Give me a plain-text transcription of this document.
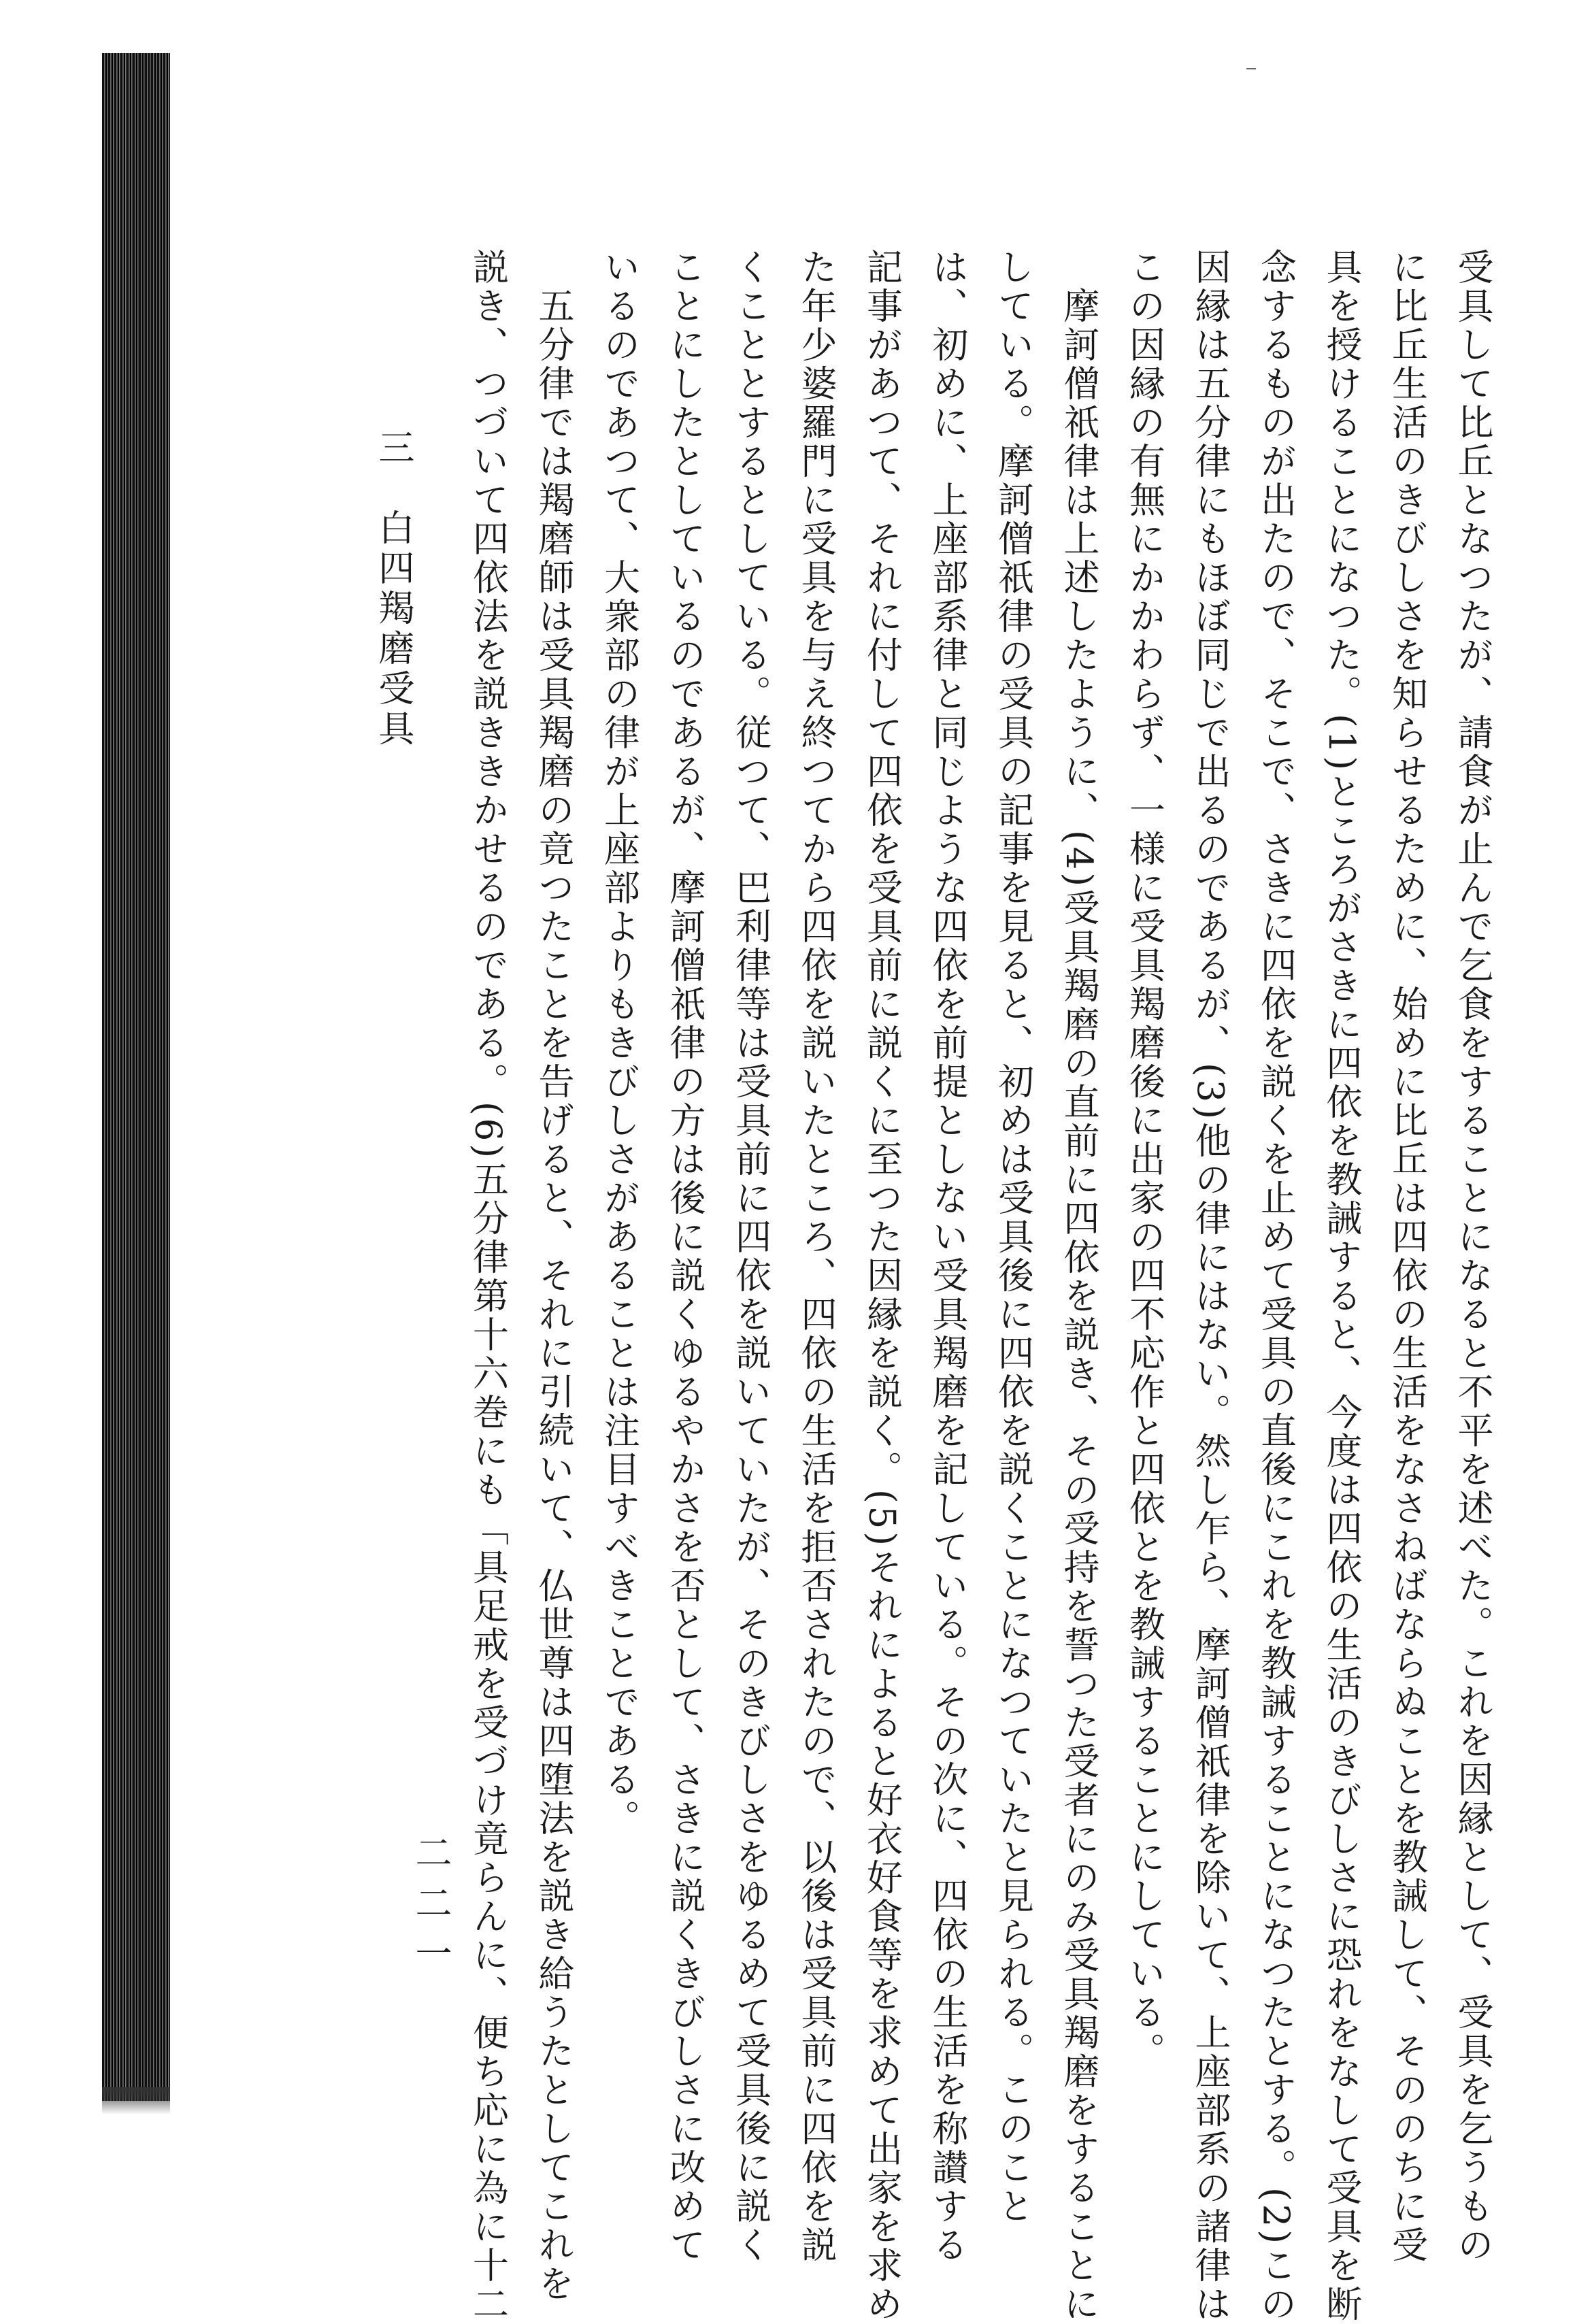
受具して比丘となつたが、請食が止んで乞食をすることになると不平を述べた。これを因縁として、受具を乞うもの

に比丘生活のきびしさを知らせるために、始めに比丘は四依の生活をなさねばならぬことを教誡して、そののちに受

具を授けることになつた。(1)ところがさきに四依を教誡すると、今度は四依の生活のきびしさに恐れをなして受具を断

念するものが出たので、そこで、さきに四依を説くを止めて受具の直後にこれを教誡することになつたとする。(2)この

因縁は五分律にもほぼ同じで出るのであるが、(3)他の律にはない。然し乍ら、摩訶僧祇律を除いて、上座部系の諸律は

この因縁の有無にかかわらず、一様に受具羯磨後に出家の四不応作と四依とを教誡することにしている。

　摩訶僧祇律は上述したように、(4)受具羯磨の直前に四依を説き、その受持を誓つた受者にのみ受具羯磨をすることに

している。摩訶僧祇律の受具の記事を見ると、初めは受具後に四依を説くことになつていたと見られる。このこと

は、初めに、上座部系律と同じような四依を前提としない受具羯磨を記している。その次に、四依の生活を称讃する

記事があつて、それに付して四依を受具前に説くに至つた因縁を説く。(5)それによると好衣好食等を求めて出家を求め

た年少婆羅門に受具を与え終つてから四依を説いたところ、四依の生活を拒否されたので、以後は受具前に四依を説

くこととするとしている。従つて、巴利律等は受具前に四依を説いていたが、そのきびしさをゆるめて受具後に説く

ことにしたとしているのであるが、摩訶僧祇律の方は後に説くゆるやかさを否として、さきに説くきびしさに改めて

いるのであつて、大衆部の律が上座部よりもきびしさがあることは注目すべきことである。

　五分律では羯磨師は受具羯磨の竟つたことを告げると、それに引続いて、仏世尊は四堕法を説き給うたとしてこれを

説き、つづいて四依法を説ききかせるのである。(6)五分律第十六巻にも「具足戒を受づけ竟らんに、便ち応に為に十二

三　白四羯磨受具
二二一
